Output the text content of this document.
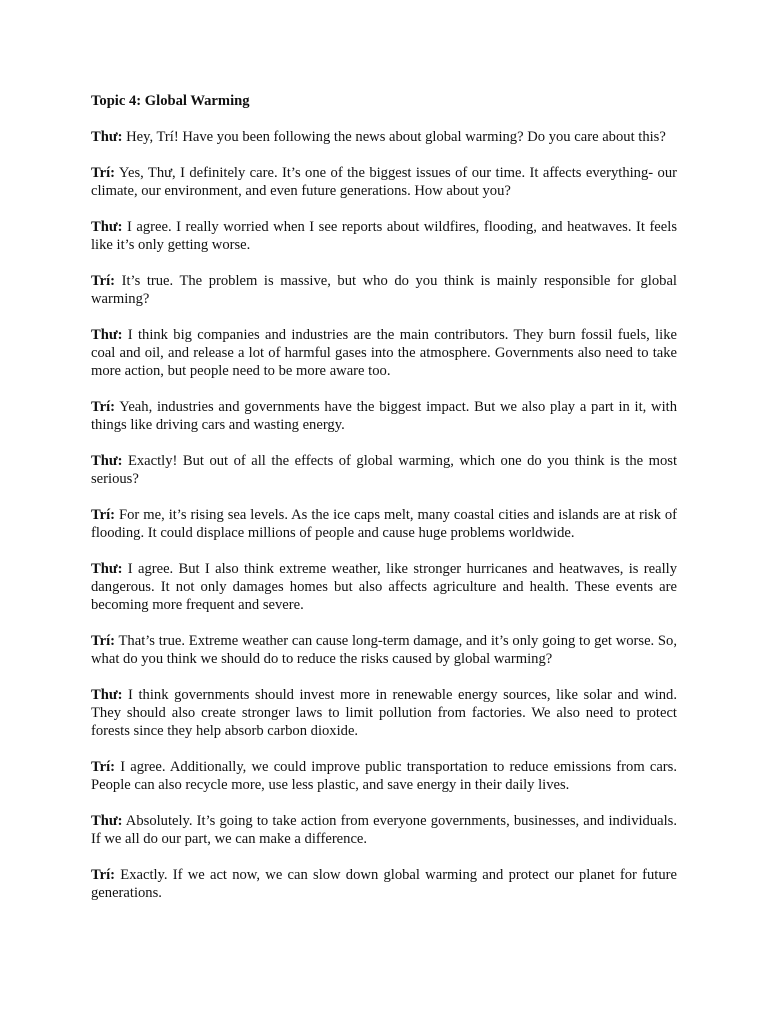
Topic 4: Global Warming

Thư: Hey, Trí! Have you been following the news about global warming? Do you care about this?

Trí: Yes, Thư, I definitely care. It’s one of the biggest issues of our time. It affects everything- our climate, our environment, and even future generations. How about you?

Thư: I agree. I really worried when I see reports about wildfires, flooding, and heatwaves. It feels like it’s only getting worse.

Trí: It’s true. The problem is massive, but who do you think is mainly responsible for global warming?

Thư: I think big companies and industries are the main contributors. They burn fossil fuels, like coal and oil, and release a lot of harmful gases into the atmosphere. Governments also need to take more action, but people need to be more aware too.

Trí: Yeah, industries and governments have the biggest impact. But we also play a part in it, with things like driving cars and wasting energy.

Thư: Exactly! But out of all the effects of global warming, which one do you think is the most serious?

Trí: For me, it’s rising sea levels. As the ice caps melt, many coastal cities and islands are at risk of flooding. It could displace millions of people and cause huge problems worldwide.

Thư: I agree. But I also think extreme weather, like stronger hurricanes and heatwaves, is really dangerous. It not only damages homes but also affects agriculture and health. These events are becoming more frequent and severe.

Trí: That’s true. Extreme weather can cause long-term damage, and it’s only going to get worse. So, what do you think we should do to reduce the risks caused by global warming?

Thư: I think governments should invest more in renewable energy sources, like solar and wind. They should also create stronger laws to limit pollution from factories. We also need to protect forests since they help absorb carbon dioxide.

Trí: I agree. Additionally, we could improve public transportation to reduce emissions from cars. People can also recycle more, use less plastic, and save energy in their daily lives.

Thư: Absolutely. It’s going to take action from everyone governments, businesses, and individuals. If we all do our part, we can make a difference.

Trí: Exactly. If we act now, we can slow down global warming and protect our planet for future generations.
